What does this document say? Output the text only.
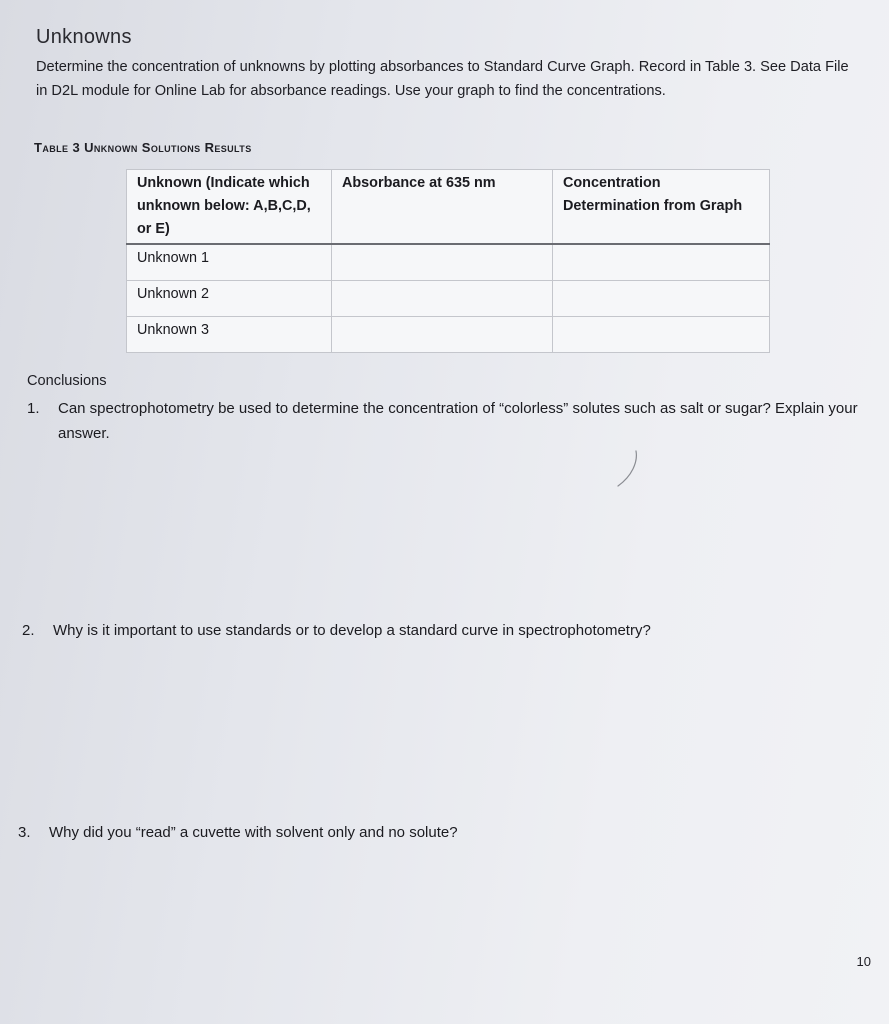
Unknowns
Determine the concentration of unknowns by plotting absorbances to Standard Curve Graph. Record in Table 3. See Data File in D2L module for Online Lab for absorbance readings. Use your graph to find the concentrations.
Table 3 Unknown Solutions Results
Unknown (Indicate which unknown below: A,B,C,D, or E)	Absorbance at 635 nm	Concentration Determination from Graph
Unknown 1		
Unknown 2		
Unknown 3		
Conclusions
1. Can spectrophotometry be used to determine the concentration of “colorless” solutes such as salt or sugar? Explain your answer.
2. Why is it important to use standards or to develop a standard curve in spectrophotometry?
3. Why did you “read” a cuvette with solvent only and no solute?
10
